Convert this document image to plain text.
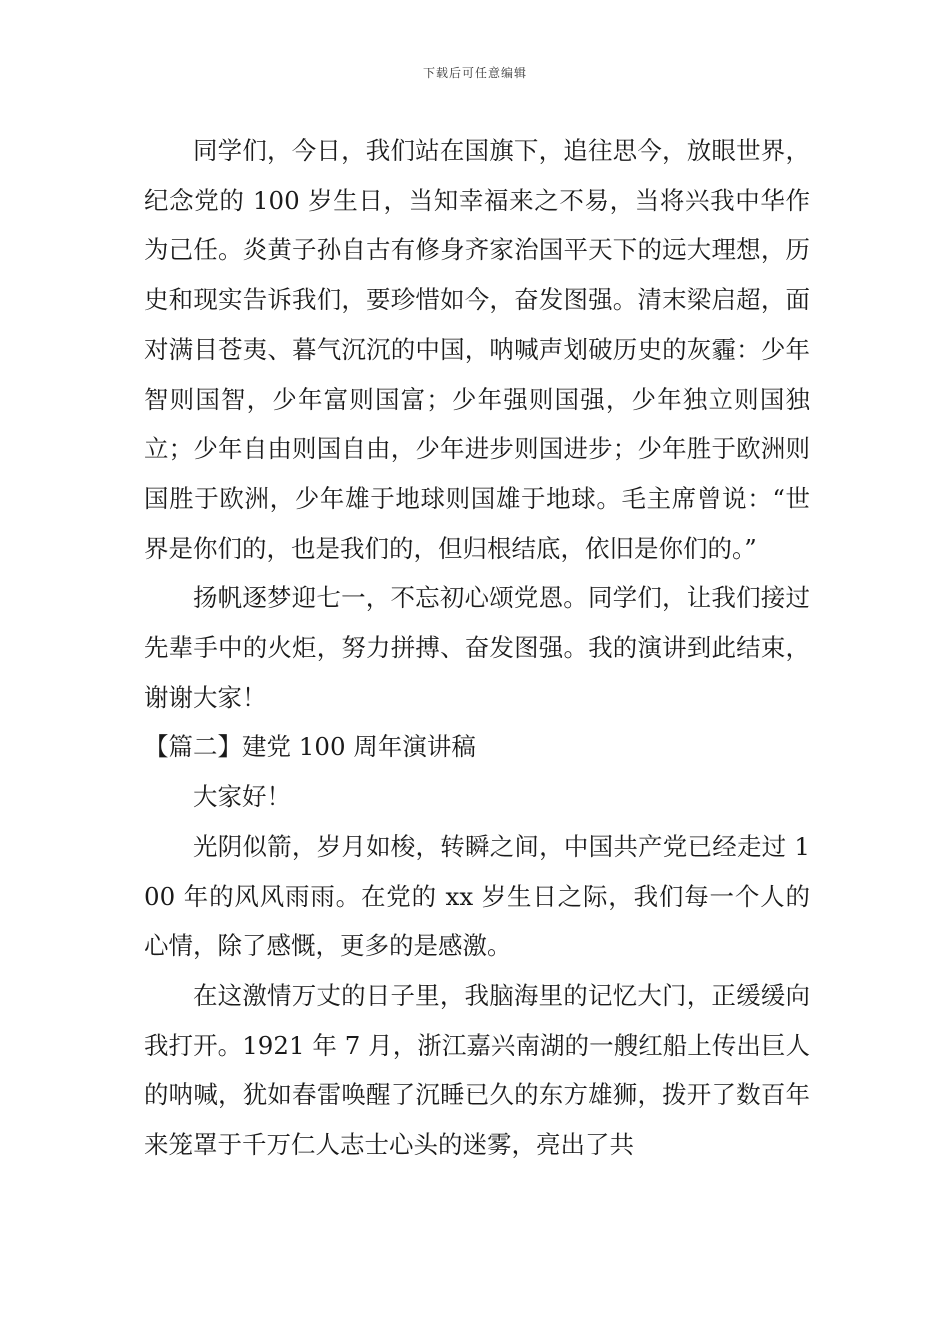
下载后可任意编辑

同学们，今日，我们站在国旗下，追往思今，放眼世界，纪念党的 100 岁生日，当知幸福来之不易，当将兴我中华作为己任。炎黄子孙自古有修身齐家治国平天下的远大理想，历史和现实告诉我们，要珍惜如今，奋发图强。清末梁启超，面对满目苍夷、暮气沉沉的中国，呐喊声划破历史的灰霾：少年智则国智，少年富则国富；少年强则国强，少年独立则国独立；少年自由则国自由，少年进步则国进步；少年胜于欧洲则国胜于欧洲，少年雄于地球则国雄于地球。毛主席曾说：“世界是你们的，也是我们的，但归根结底，依旧是你们的。”

扬帆逐梦迎七一，不忘初心颂党恩。同学们，让我们接过先辈手中的火炬，努力拼搏、奋发图强。我的演讲到此结束，谢谢大家！

【篇二】建党 100 周年演讲稿

大家好！

光阴似箭，岁月如梭，转瞬之间，中国共产党已经走过 100 年的风风雨雨。在党的 xx 岁生日之际，我们每一个人的心情，除了感慨，更多的是感激。

在这激情万丈的日子里，我脑海里的记忆大门，正缓缓向我打开。1921 年 7 月，浙江嘉兴南湖的一艘红船上传出巨人的呐喊，犹如春雷唤醒了沉睡已久的东方雄狮，拨开了数百年来笼罩于千万仁人志士心头的迷雾，亮出了共
